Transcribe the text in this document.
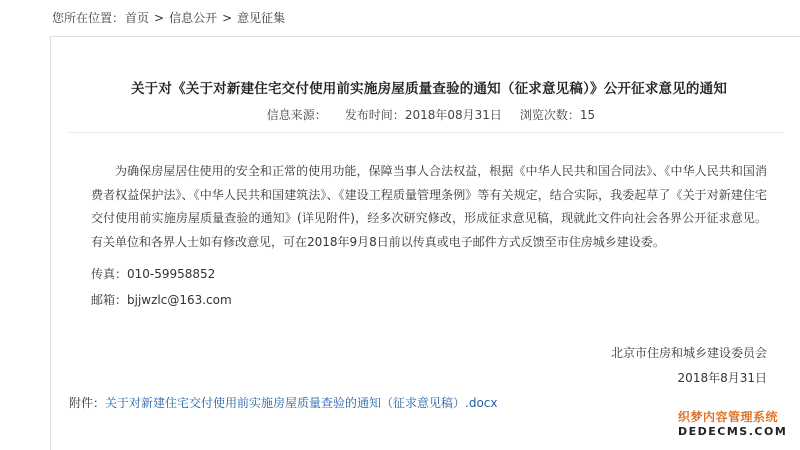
您所在位置： 首页 > 信息公开 > 意见征集
关于对《关于对新建住宅交付使用前实施房屋质量查验的通知（征求意见稿）》公开征求意见的通知
信息来源： 发布时间：2018年08月31日 浏览次数：15

为确保房屋居住使用的安全和正常的使用功能，保障当事人合法权益，根据《中华人民共和国合同法》、《中华人民共和国消费者权益保护法》、《中华人民共和国建筑法》、《建设工程质量管理条例》等有关规定，结合实际，我委起草了《关于对新建住宅交付使用前实施房屋质量查验的通知》(详见附件)，经多次研究修改，形成征求意见稿，现就此文件向社会各界公开征求意见。有关单位和各界人士如有修改意见，可在2018年9月8日前以传真或电子邮件方式反馈至市住房城乡建设委。

传真：010-59958852
邮箱：bjjwzlc@163.com
北京市住房和城乡建设委员会
2018年8月31日
附件：关于对新建住宅交付使用前实施房屋质量查验的通知（征求意见稿）.docx
织梦内容管理系统
DEDECMS.COM
